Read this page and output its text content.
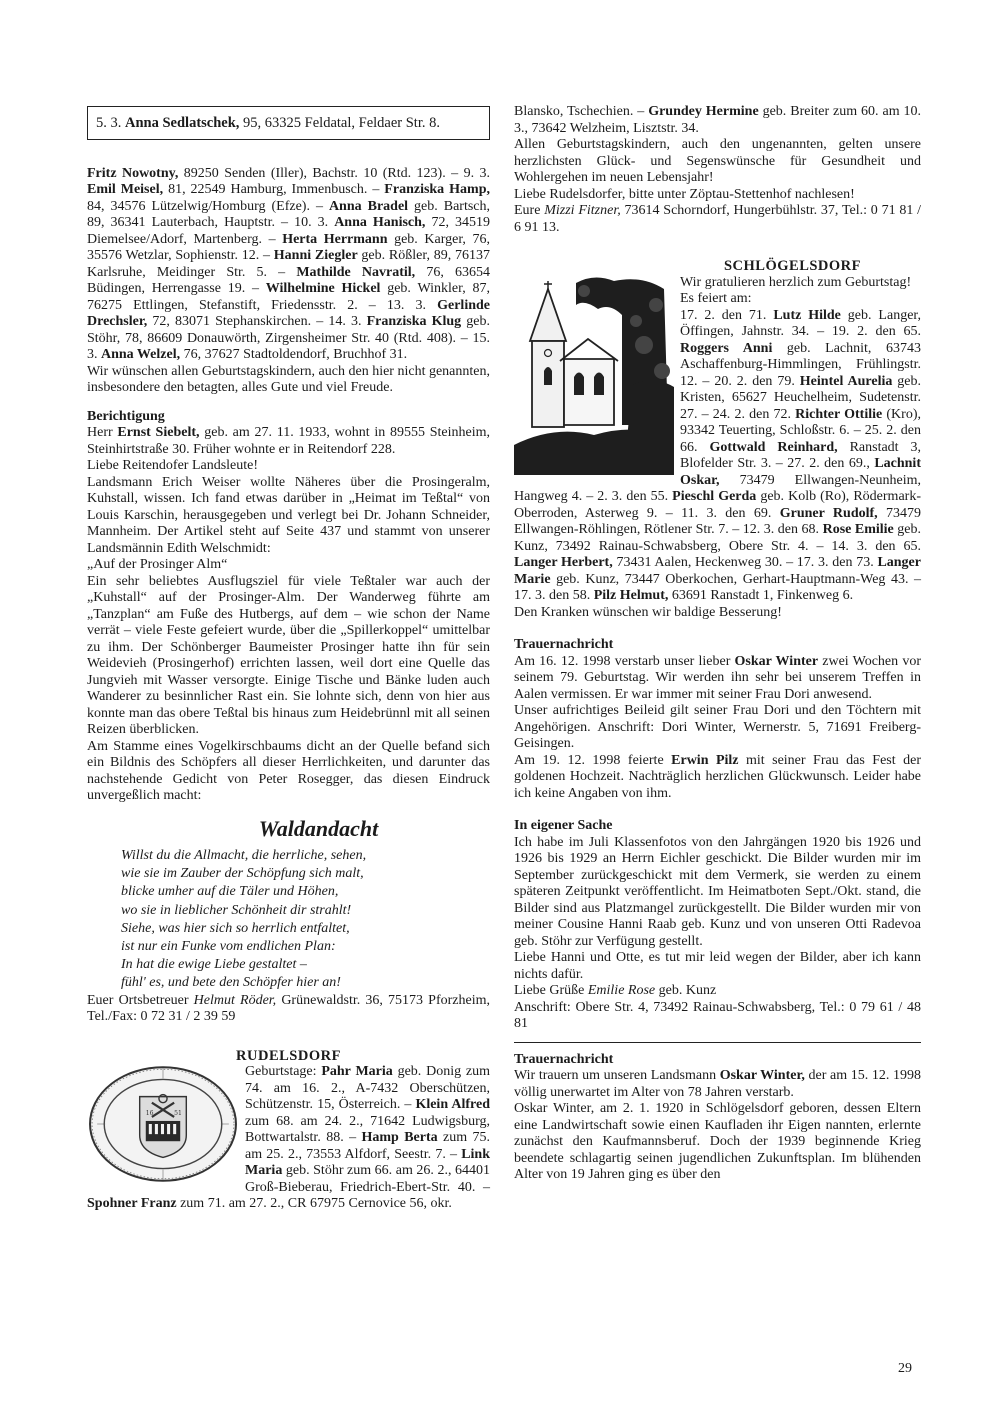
5. 3. Anna Sedlatschek, 95, 63325 Feldatal, Feldaer Str. 8.

Fritz Nowotny, 89250 Senden (Iller), Bachstr. 10 (Rtd. 123). – 9. 3. Emil Meisel, 81, 22549 Hamburg, Immenbusch. – Franziska Hamp, 84, 34576 Lützelwig/Homburg (Efze). – Anna Bradel geb. Bartsch, 89, 36341 Lauterbach, Hauptstr. – 10. 3. Anna Hanisch, 72, 34519 Diemelsee/Adorf, Martenberg. – Herta Herrmann geb. Karger, 76, 35576 Wetzlar, Sophienstr. 12. – Hanni Ziegler geb. Rößler, 89, 76137 Karlsruhe, Meidinger Str. 5. – Mathilde Navratil, 76, 63654 Büdingen, Herrengasse 19. – Wilhelmine Hickel geb. Winkler, 87, 76275 Ettlingen, Stefanstift, Friedensstr. 2. – 13. 3. Gerlinde Drechsler, 72, 83071 Stephanskirchen. – 14. 3. Franziska Klug geb. Stöhr, 78, 86609 Donauwörth, Zirgensheimer Str. 40 (Rtd. 408). – 15. 3. Anna Welzel, 76, 37627 Stadtoldendorf, Bruchhof 31.

Wir wünschen allen Geburtstagskindern, auch den hier nicht genannten, insbesondere den betagten, alles Gute und viel Freude.

Berichtigung

Herr Ernst Siebelt, geb. am 27. 11. 1933, wohnt in 89555 Steinheim, Steinhirtstraße 30. Früher wohnte er in Reitendorf 228.

Liebe Reitendofer Landsleute!

Landsmann Erich Weiser wollte Näheres über die Prosingeralm, Kuhstall, wissen. Ich fand etwas darüber in „Heimat im Teßtal“ von Louis Karschin, herausgegeben und verlegt bei Dr. Johann Schneider, Mannheim. Der Artikel steht auf Seite 437 und stammt von unserer Landsmännin Edith Welschmidt:

„Auf der Prosinger Alm“

Ein sehr beliebtes Ausflugsziel für viele Teßtaler war auch der „Kuhstall“ auf der Prosinger-Alm. Der Wanderweg führte am „Tanzplan“ am Fuße des Hutbergs, auf dem – wie schon der Name verrät – viele Feste gefeiert wurde, über die „Spillerkoppel“ umittelbar zu ihm. Der Schönberger Baumeister Prosinger hatte ihn für sein Weidevieh (Prosingerhof) errichten lassen, weil dort eine Quelle das Jungvieh mit Wasser versorgte. Einige Tische und Bänke luden auch Wanderer zu besinnlicher Rast ein. Sie lohnte sich, denn von hier aus konnte man das obere Teßtal bis hinaus zum Heidebrünnl mit all seinen Reizen überblicken.

Am Stamme eines Vogelkirschbaums dicht an der Quelle befand sich ein Bildnis des Schöpfers all dieser Herrlichkeiten, und darunter das nachstehende Gedicht von Peter Rosegger, das diesen Eindruck unvergeßlich macht:

Waldandacht
Willst du die Allmacht, die herrliche, sehen,
wie sie im Zauber der Schöpfung sich malt,
blicke umher auf die Täler und Höhen,
wo sie in lieblicher Schönheit dir strahlt!
Siehe, was hier sich so herrlich entfaltet,
ist nur ein Funke vom endlichen Plan:
In hat die ewige Liebe gestaltet –
fühl' es, und bete den Schöpfer hier an!

Euer Ortsbetreuer Helmut Röder, Grünewaldstr. 36, 75173 Pforzheim, Tel./Fax: 0 72 31 / 2 39 59

RUDELSDORF
16	51

Geburtstage: Pahr Maria geb. Donig zum 74. am 16. 2., A-7432 Oberschützen, Schützenstr. 15, Österreich. – Klein Alfred zum 68. am 24. 2., 71642 Ludwigsburg, Bottwartalstr. 88. – Hamp Berta zum 75. am 25. 2., 73553 Alfdorf, Seestr. 7. – Link Maria geb. Stöhr zum 66. am 26. 2., 64401 Groß-Bieberau, Friedrich-Ebert-Str. 40. – Spohner Franz zum 71. am 27. 2., CR 67975 Cernovice 56, okr.

Blansko, Tschechien. – Grundey Hermine geb. Breiter zum 60. am 10. 3., 73642 Welzheim, Lisztstr. 34.

Allen Geburtstagskindern, auch den ungenannten, gelten unsere herzlichsten Glück- und Segenswünsche für Gesundheit und Wohlergehen im neuen Lebensjahr!

Liebe Rudelsdorfer, bitte unter Zöptau-Stettenhof nachlesen!

Eure Mizzi Fitzner, 73614 Schorndorf, Hungerbühlstr. 37, Tel.: 0 71 81 / 6 91 13.

SCHLÖGELSDORF

Wir gratulieren herzlich zum Geburtstag!

Es feiert am:

17. 2. den 71. Lutz Hilde geb. Langer, Öffingen, Jahnstr. 34. – 19. 2. den 65. Roggers Anni geb. Lachnit, 63743 Aschaffenburg-Himmlingen, Frühlingstr. 12. – 20. 2. den 79. Heintel Aurelia geb. Kristen, 65627 Heuchelheim, Sudetenstr. 27. – 24. 2. den 72. Richter Ottilie (Kro), 93342 Teuerting, Schloßstr. 6. – 25. 2. den 66. Gottwald Reinhard, Ranstadt 3, Blofelder Str. 3. – 27. 2. den 69., Lachnit Oskar, 73479 Ellwangen-Neunheim, Hangweg 4. – 2. 3. den 55. Pieschl Gerda geb. Kolb (Ro), Rödermark-Oberroden, Asterweg 9. – 11. 3. den 69. Gruner Rudolf, 73479 Ellwangen-Röhlingen, Rötlener Str. 7. – 12. 3. den 68. Rose Emilie geb. Kunz, 73492 Rainau-Schwabsberg, Obere Str. 4. – 14. 3. den 65. Langer Herbert, 73431 Aalen, Heckenweg 30. – 17. 3. den 73. Langer Marie geb. Kunz, 73447 Oberkochen, Gerhart-Hauptmann-Weg 43. – 17. 3. den 58. Pilz Helmut, 63691 Ranstadt 1, Finkenweg 6.

Den Kranken wünschen wir baldige Besserung!

Trauernachricht

Am 16. 12. 1998 verstarb unser lieber Oskar Winter zwei Wochen vor seinem 79. Geburtstag. Wir werden ihn sehr bei unserem Treffen in Aalen vermissen. Er war immer mit seiner Frau Dori anwesend.

Unser aufrichtiges Beileid gilt seiner Frau Dori und den Töchtern mit Angehörigen. Anschrift: Dori Winter, Wernerstr. 5, 71691 Freiberg-Geisingen.

Am 19. 12. 1998 feierte Erwin Pilz mit seiner Frau das Fest der goldenen Hochzeit. Nachträglich herzlichen Glückwunsch. Leider habe ich keine Angaben von ihm.

In eigener Sache

Ich habe im Juli Klassenfotos von den Jahrgängen 1920 bis 1926 und 1926 bis 1929 an Herrn Eichler geschickt. Die Bilder wurden mir im September zurückgeschickt mit dem Vermerk, sie werden zu einem späteren Zeitpunkt veröffentlicht. Im Heimatboten Sept./Okt. stand, die Bilder sind aus Platzmangel zurückgestellt. Die Bilder wurden mir von meiner Cousine Hanni Raab geb. Kunz und von unseren Otti Radevoa geb. Stöhr zur Verfügung gestellt.

Liebe Hanni und Otte, es tut mir leid wegen der Bilder, aber ich kann nichts dafür.

Liebe Grüße Emilie Rose geb. Kunz

Anschrift: Obere Str. 4, 73492 Rainau-Schwabsberg, Tel.: 0 79 61 / 48 81

Trauernachricht

Wir trauern um unseren Landsmann Oskar Winter, der am 15. 12. 1998 völlig unerwartet im Alter von 78 Jahren verstarb.

Oskar Winter, am 2. 1. 1920 in Schlögelsdorf geboren, dessen Eltern eine Landwirtschaft sowie einen Kaufladen ihr Eigen nannten, erlernte zunächst den Kaufmannsberuf. Doch der 1939 beginnende Krieg beendete schlagartig seinen jugendlichen Zukunftsplan. Im blühenden Alter von 19 Jahren ging es über den

29
